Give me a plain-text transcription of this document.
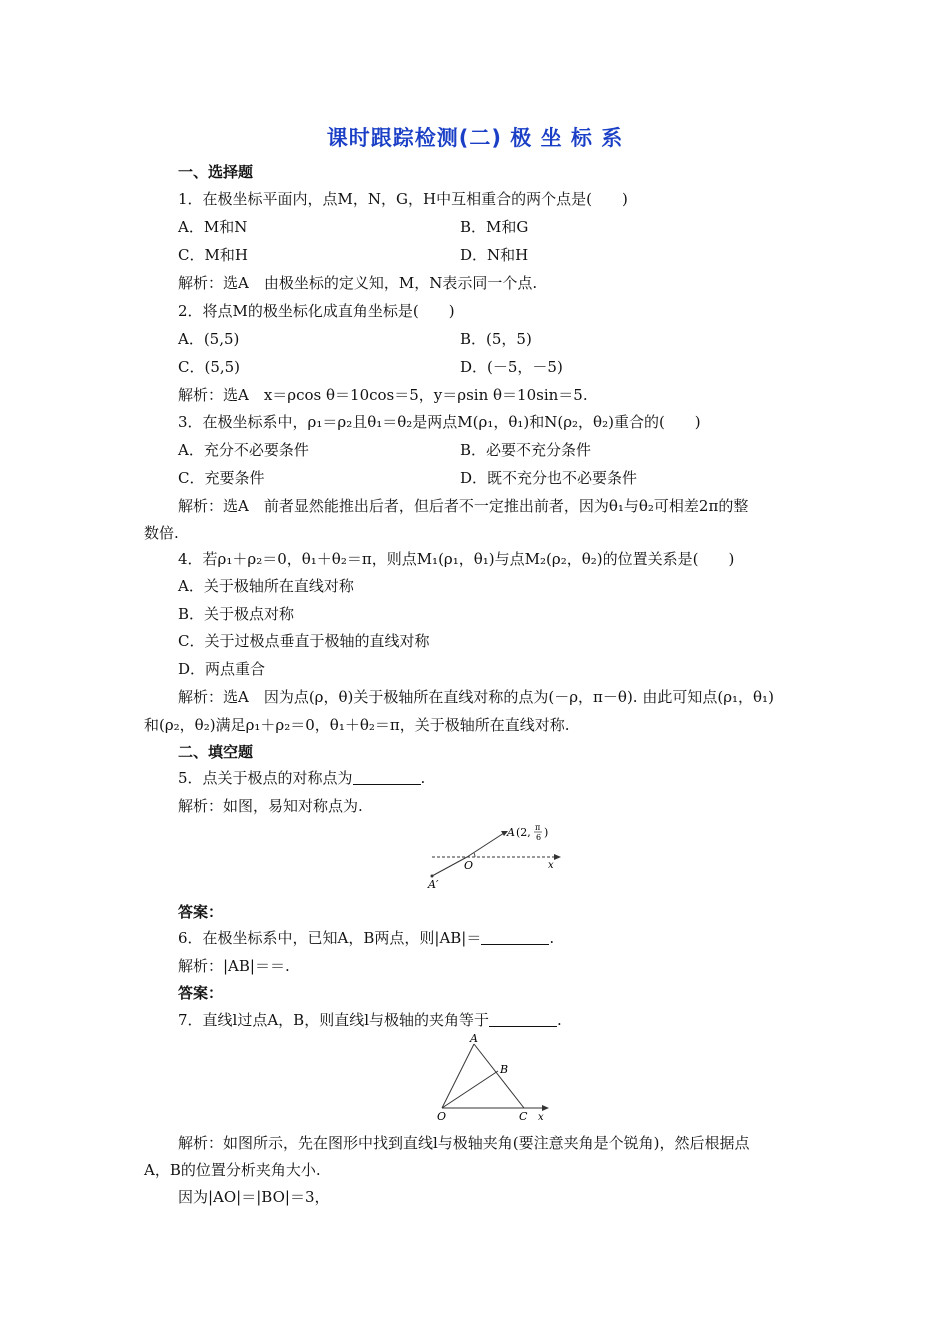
课时跟踪检测(二) 极 坐 标 系
一、选择题
1．在极坐标平面内，点M，N，G，H中互相重合的两个点是(　　)
A．M和N	B．M和G
C．M和H	D．N和H
解析：选A　由极坐标的定义知，M，N表示同一个点.
2．将点M的极坐标化成直角坐标是(　　)
A．(5,5)	B．(5，5)
C．(5,5)	D．(－5，－5)
解析：选A　x＝ρcos θ＝10cos＝5，y＝ρsin θ＝10sin＝5.
3．在极坐标系中，ρ₁＝ρ₂且θ₁＝θ₂是两点M(ρ₁，θ₁)和N(ρ₂，θ₂)重合的(　　)
A．充分不必要条件	B．必要不充分条件
C．充要条件	D．既不充分也不必要条件
解析：选A　前者显然能推出后者，但后者不一定推出前者，因为θ₁与θ₂可相差2π的整
数倍.
4．若ρ₁＋ρ₂＝0，θ₁＋θ₂＝π，则点M₁(ρ₁，θ₁)与点M₂(ρ₂，θ₂)的位置关系是(　　)
A．关于极轴所在直线对称
B．关于极点对称
C．关于过极点垂直于极轴的直线对称
D．两点重合
解析：选A　因为点(ρ，θ)关于极轴所在直线对称的点为(－ρ，π－θ). 由此可知点(ρ₁，θ₁)
和(ρ₂，θ₂)满足ρ₁＋ρ₂＝0，θ₁＋θ₂＝π，关于极轴所在直线对称.
二、填空题
5．点关于极点的对称点为	.
解析：如图，易知对称点为.
A (2, π
6 )
O	x
A′
答案：
6．在极坐标系中，已知A，B两点，则|AB|＝	.
解析：|AB|＝＝.
答案：
7．直线l过点A，B，则直线l与极轴的夹角等于	.
A
B
O	C x
解析：如图所示，先在图形中找到直线l与极轴夹角(要注意夹角是个锐角)，然后根据点
A，B的位置分析夹角大小.
因为|AO|＝|BO|＝3，
